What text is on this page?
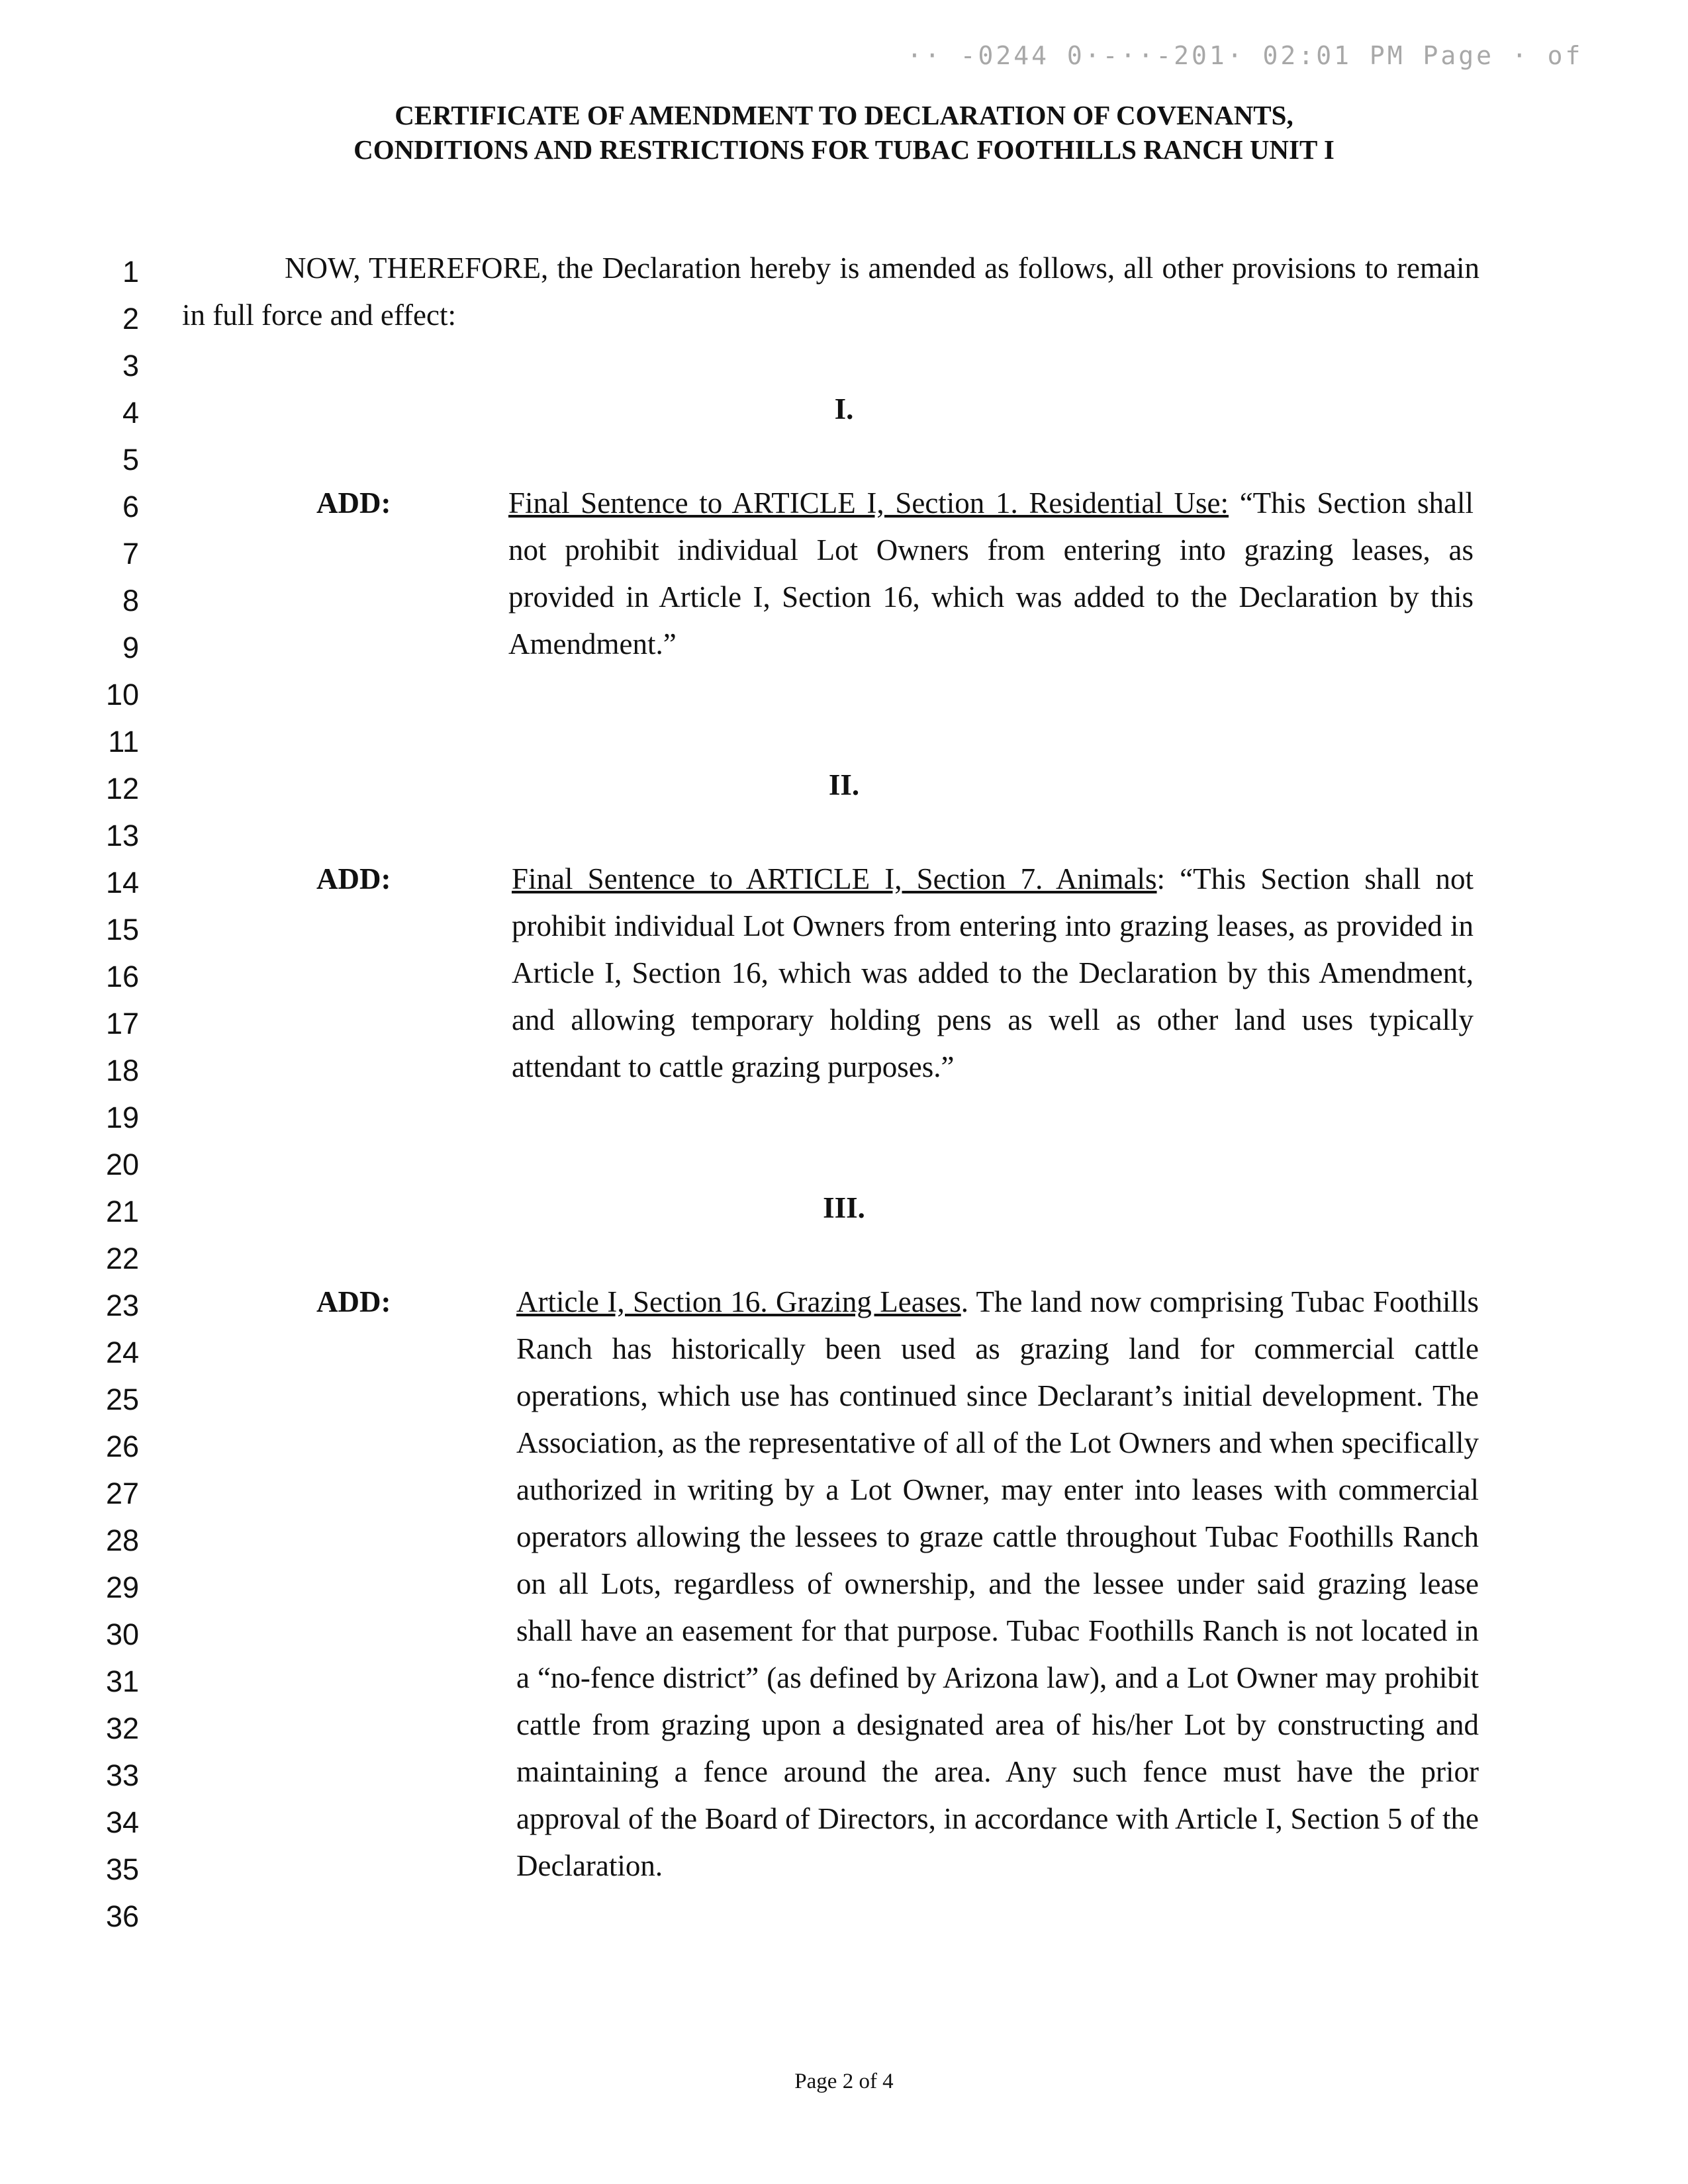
·· -0244 0·-··-201· 02:01 PM Page · of
CERTIFICATE OF AMENDMENT TO DECLARATION OF COVENANTS,
CONDITIONS AND RESTRICTIONS FOR TUBAC FOOTHILLS RANCH UNIT I
1
2
3
4
5
6
7
8
9
10
11
12
13
14
15
16
17
18
19
20
21
22
23
24
25
26
27
28
29
30
31
32
33
34
35
36
NOW, THEREFORE, the Declaration hereby is amended as follows, all other provisions to remain in full force and effect:
I.
ADD:	Final Sentence to ARTICLE I, Section 1. Residential Use: “This Section shall not prohibit individual Lot Owners from entering into grazing leases, as provided in Article I, Section 16, which was added to the Declaration by this Amendment.”
II.
ADD:	Final Sentence to ARTICLE I, Section 7. Animals: “This Section shall not prohibit individual Lot Owners from entering into grazing leases, as provided in Article I, Section 16, which was added to the Declaration by this Amendment, and allowing temporary holding pens as well as other land uses typically attendant to cattle grazing purposes.”
III.
ADD:	Article I, Section 16. Grazing Leases. The land now comprising Tubac Foothills Ranch has historically been used as grazing land for commercial cattle operations, which use has continued since Declarant’s initial development. The Association, as the representative of all of the Lot Owners and when specifically authorized in writing by a Lot Owner, may enter into leases with commercial operators allowing the lessees to graze cattle throughout Tubac Foothills Ranch on all Lots, regardless of ownership, and the lessee under said grazing lease shall have an easement for that purpose. Tubac Foothills Ranch is not located in a “no-fence district” (as defined by Arizona law), and a Lot Owner may prohibit cattle from grazing upon a designated area of his/her Lot by constructing and maintaining a fence around the area. Any such fence must have the prior approval of the Board of Directors, in accordance with Article I, Section 5 of the Declaration.
Page 2 of 4
